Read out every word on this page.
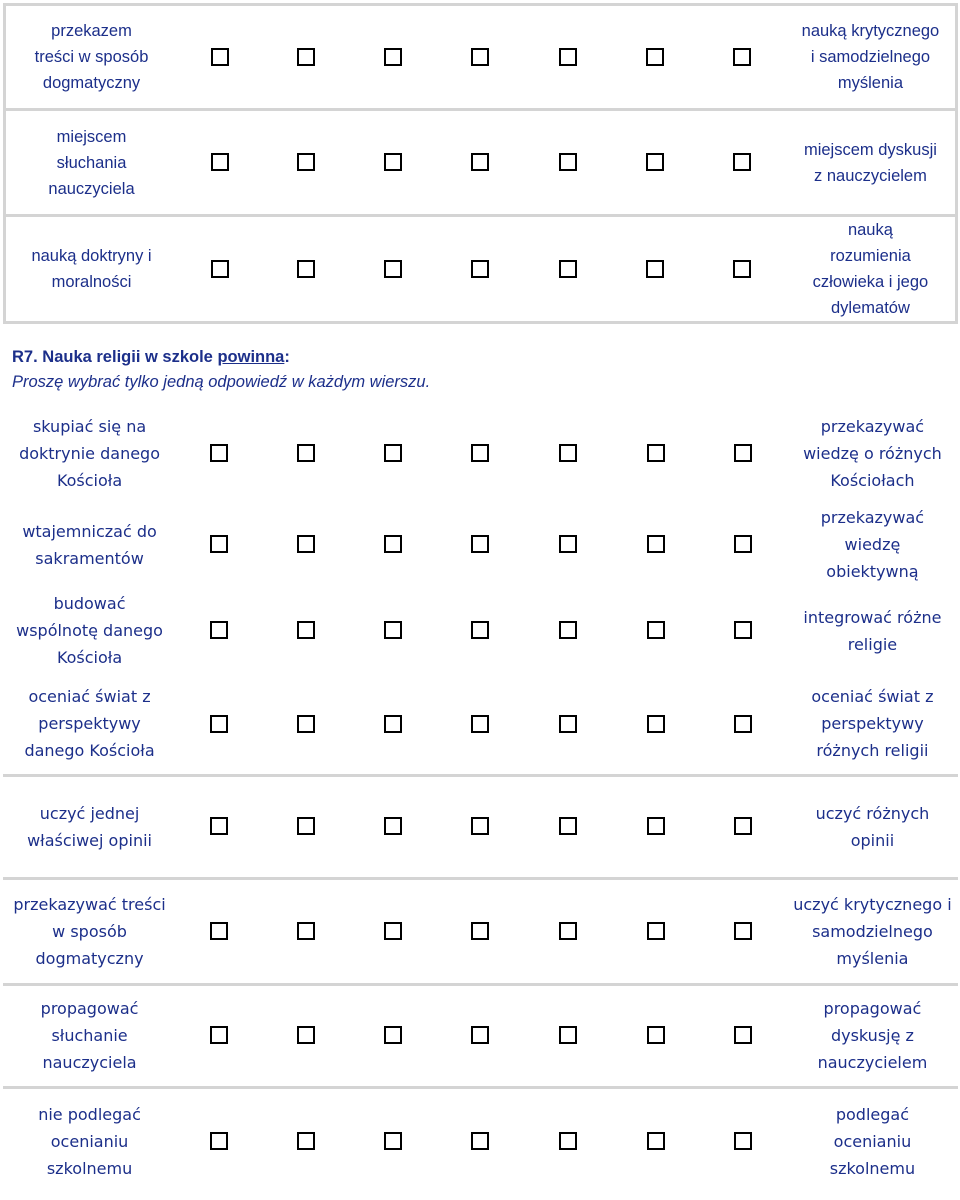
przekazem treści w sposób dogmatyczny								nauką krytycznego i samodzielnego myślenia
miejscem słuchania nauczyciela								miejscem dyskusji z nauczycielem
nauką doktryny i moralności								nauką rozumienia człowieka i jego dylematów
R7. Nauka religii w szkole powinna:
Proszę wybrać tylko jedną odpowiedź w każdym wierszu.
skupiać się na doktrynie danego Kościoła								przekazywać wiedzę o różnych Kościołach
wtajemniczać do sakramentów								przekazywać wiedzę obiektywną
budować wspólnotę danego Kościoła								integrować różne religie
oceniać świat z perspektywy danego Kościoła								oceniać świat z perspektywy różnych religii
uczyć jednej właściwej opinii								uczyć różnych opinii
przekazywać treści w sposób dogmatyczny								uczyć krytycznego i samodzielnego myślenia
propagować słuchanie nauczyciela								propagować dyskusję z nauczycielem
nie podlegać ocenianiu szkolnemu								podlegać ocenianiu szkolnemu
